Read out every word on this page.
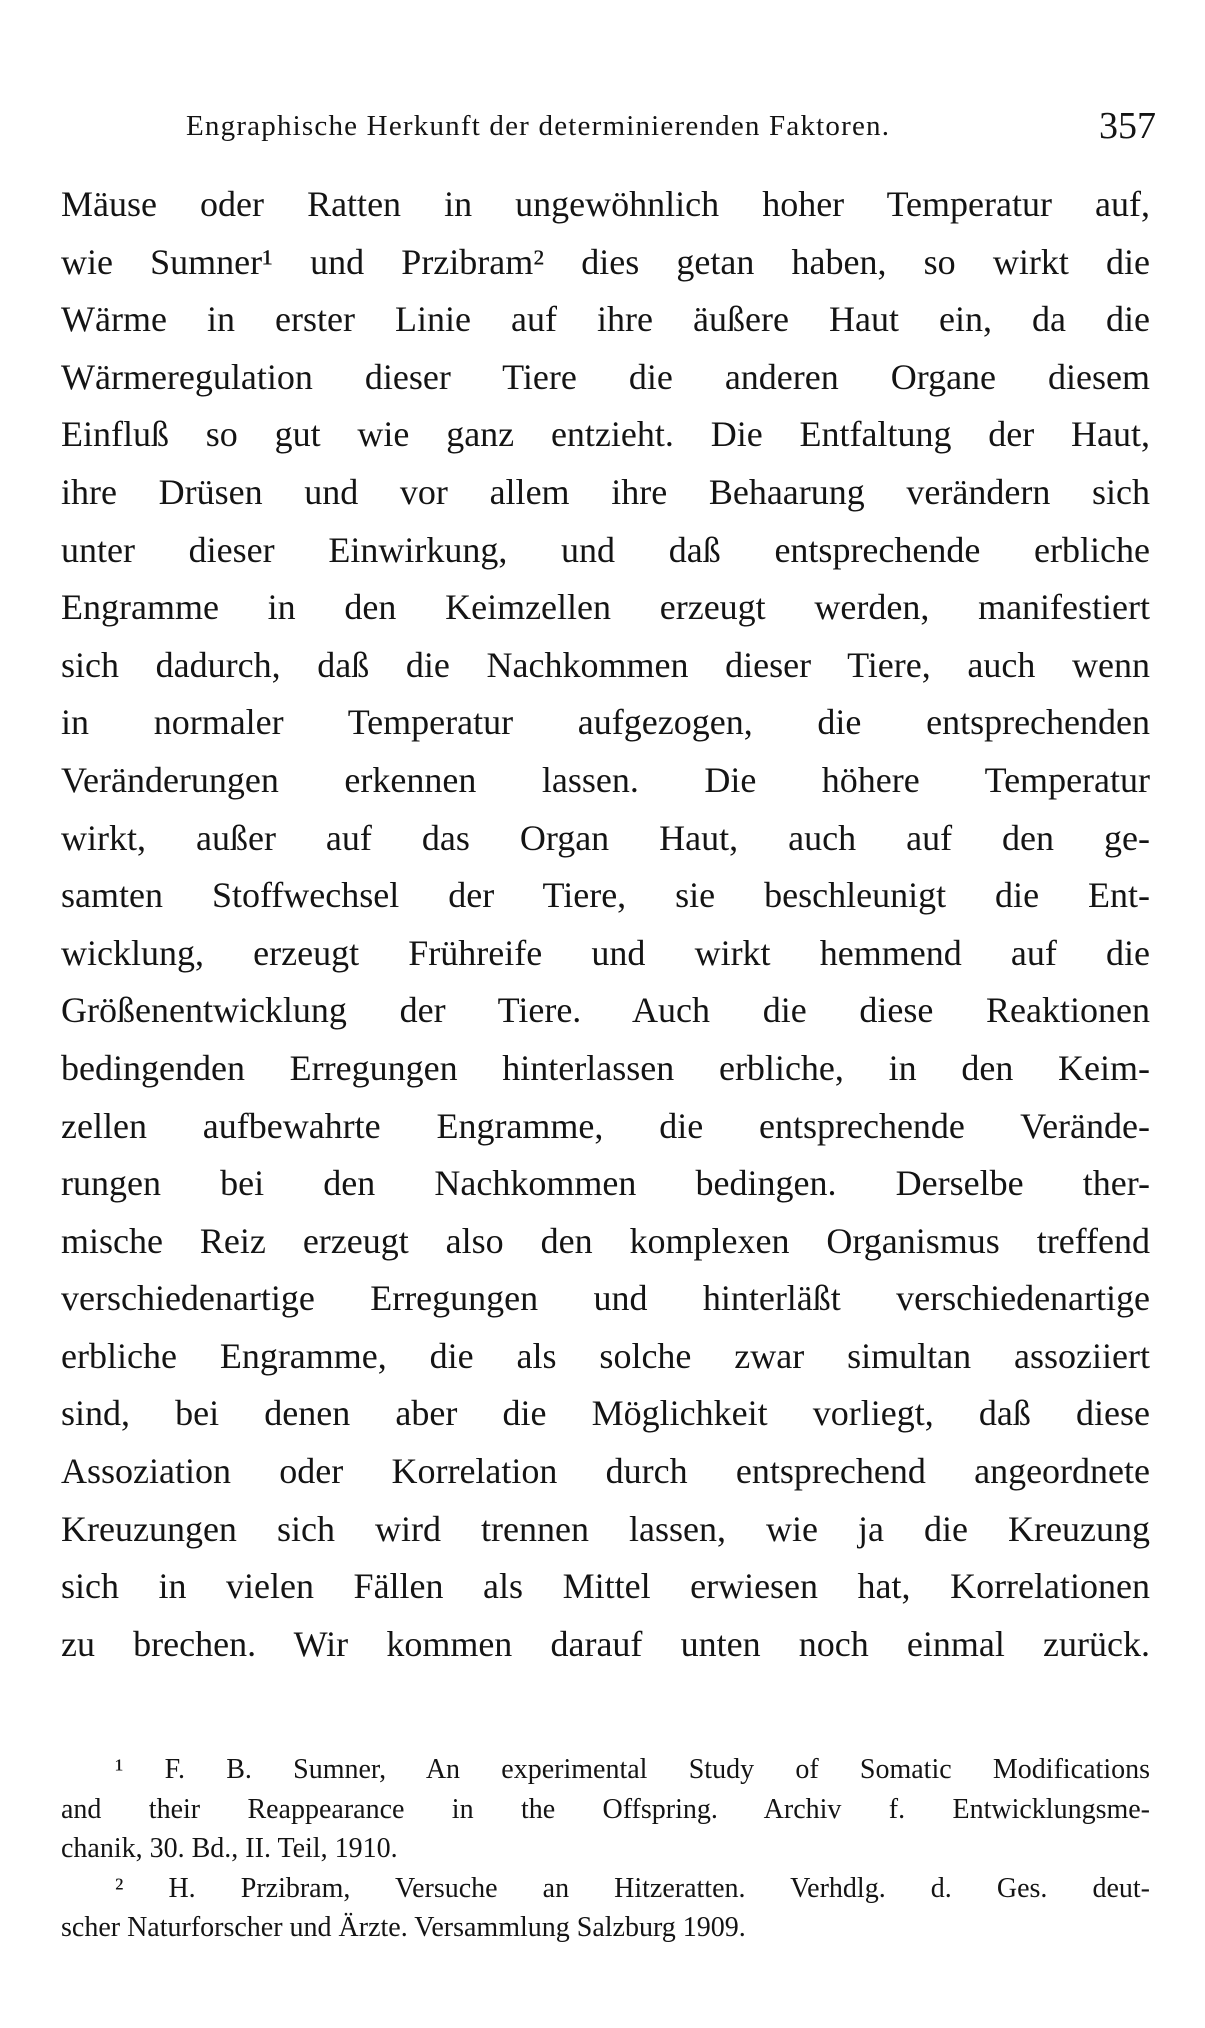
Engraphische Herkunft der determinierenden Faktoren.	357
Mäuse oder Ratten in ungewöhnlich hoher Temperatur auf,
wie Sumner¹ und Przibram² dies getan haben, so wirkt die
Wärme in erster Linie auf ihre äußere Haut ein, da die
Wärmeregulation dieser Tiere die anderen Organe diesem
Einfluß so gut wie ganz entzieht. Die Entfaltung der Haut,
ihre Drüsen und vor allem ihre Behaarung verändern sich
unter dieser Einwirkung, und daß entsprechende erbliche
Engramme in den Keimzellen erzeugt werden, manifestiert
sich dadurch, daß die Nachkommen dieser Tiere, auch wenn
in normaler Temperatur aufgezogen, die entsprechenden
Veränderungen erkennen lassen. Die höhere Temperatur
wirkt, außer auf das Organ Haut, auch auf den ge-
samten Stoffwechsel der Tiere, sie beschleunigt die Ent-
wicklung, erzeugt Frühreife und wirkt hemmend auf die
Größenentwicklung der Tiere. Auch die diese Reaktionen
bedingenden Erregungen hinterlassen erbliche, in den Keim-
zellen aufbewahrte Engramme, die entsprechende Verände-
rungen bei den Nachkommen bedingen. Derselbe ther-
mische Reiz erzeugt also den komplexen Organismus treffend
verschiedenartige Erregungen und hinterläßt verschiedenartige
erbliche Engramme, die als solche zwar simultan assoziiert
sind, bei denen aber die Möglichkeit vorliegt, daß diese
Assoziation oder Korrelation durch entsprechend angeordnete
Kreuzungen sich wird trennen lassen, wie ja die Kreuzung
sich in vielen Fällen als Mittel erwiesen hat, Korrelationen
zu brechen. Wir kommen darauf unten noch einmal zurück.
¹ F. B. Sumner, An experimental Study of Somatic Modifications
and their Reappearance in the Offspring. Archiv f. Entwicklungsme-
chanik, 30. Bd., II. Teil, 1910.
² H. Przibram, Versuche an Hitzeratten. Verhdlg. d. Ges. deut-
scher Naturforscher und Ärzte. Versammlung Salzburg 1909.
